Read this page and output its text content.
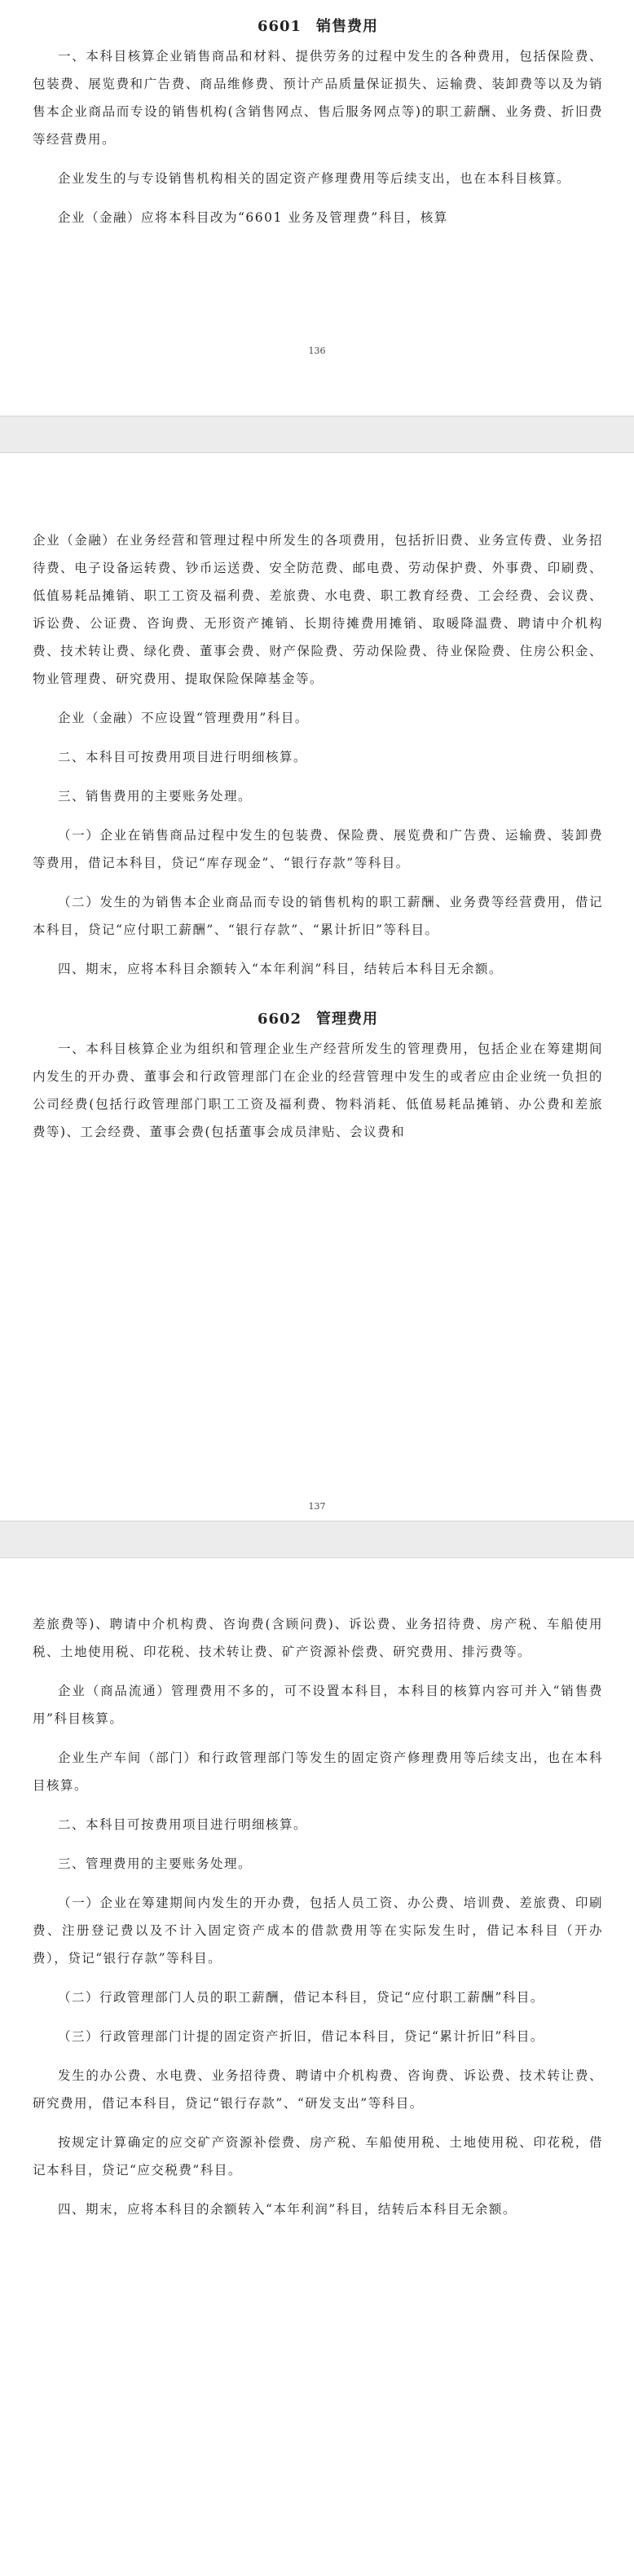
6601 销售费用

一、本科目核算企业销售商品和材料、提供劳务的过程中发生的各种费用，包括保险费、包装费、展览费和广告费、商品维修费、预计产品质量保证损失、运输费、装卸费等以及为销售本企业商品而专设的销售机构(含销售网点、售后服务网点等)的职工薪酬、业务费、折旧费等经营费用。

企业发生的与专设销售机构相关的固定资产修理费用等后续支出，也在本科目核算。

企业（金融）应将本科目改为“6601 业务及管理费”科目，核算

136

企业（金融）在业务经营和管理过程中所发生的各项费用，包括折旧费、业务宣传费、业务招待费、电子设备运转费、钞币运送费、安全防范费、邮电费、劳动保护费、外事费、印刷费、低值易耗品摊销、职工工资及福利费、差旅费、水电费、职工教育经费、工会经费、会议费、诉讼费、公证费、咨询费、无形资产摊销、长期待摊费用摊销、取暖降温费、聘请中介机构费、技术转让费、绿化费、董事会费、财产保险费、劳动保险费、待业保险费、住房公积金、物业管理费、研究费用、提取保险保障基金等。

企业（金融）不应设置“管理费用”科目。

二、本科目可按费用项目进行明细核算。

三、销售费用的主要账务处理。

（一）企业在销售商品过程中发生的包装费、保险费、展览费和广告费、运输费、装卸费等费用，借记本科目，贷记“库存现金”、“银行存款”等科目。

（二）发生的为销售本企业商品而专设的销售机构的职工薪酬、业务费等经营费用，借记本科目，贷记“应付职工薪酬”、“银行存款”、“累计折旧”等科目。

四、期末，应将本科目余额转入“本年利润”科目，结转后本科目无余额。

6602 管理费用

一、本科目核算企业为组织和管理企业生产经营所发生的管理费用，包括企业在筹建期间内发生的开办费、董事会和行政管理部门在企业的经营管理中发生的或者应由企业统一负担的公司经费(包括行政管理部门职工工资及福利费、物料消耗、低值易耗品摊销、办公费和差旅费等)、工会经费、董事会费(包括董事会成员津贴、会议费和

137

差旅费等)、聘请中介机构费、咨询费(含顾问费)、诉讼费、业务招待费、房产税、车船使用税、土地使用税、印花税、技术转让费、矿产资源补偿费、研究费用、排污费等。

企业（商品流通）管理费用不多的，可不设置本科目，本科目的核算内容可并入“销售费用”科目核算。

企业生产车间（部门）和行政管理部门等发生的固定资产修理费用等后续支出，也在本科目核算。

二、本科目可按费用项目进行明细核算。

三、管理费用的主要账务处理。

（一）企业在筹建期间内发生的开办费，包括人员工资、办公费、培训费、差旅费、印刷费、注册登记费以及不计入固定资产成本的借款费用等在实际发生时，借记本科目（开办费），贷记“银行存款”等科目。

（二）行政管理部门人员的职工薪酬，借记本科目，贷记“应付职工薪酬”科目。

（三）行政管理部门计提的固定资产折旧，借记本科目，贷记“累计折旧”科目。

发生的办公费、水电费、业务招待费、聘请中介机构费、咨询费、诉讼费、技术转让费、研究费用，借记本科目，贷记“银行存款”、“研发支出”等科目。

按规定计算确定的应交矿产资源补偿费、房产税、车船使用税、土地使用税、印花税，借记本科目，贷记“应交税费”科目。

四、期末，应将本科目的余额转入“本年利润”科目，结转后本科目无余额。
